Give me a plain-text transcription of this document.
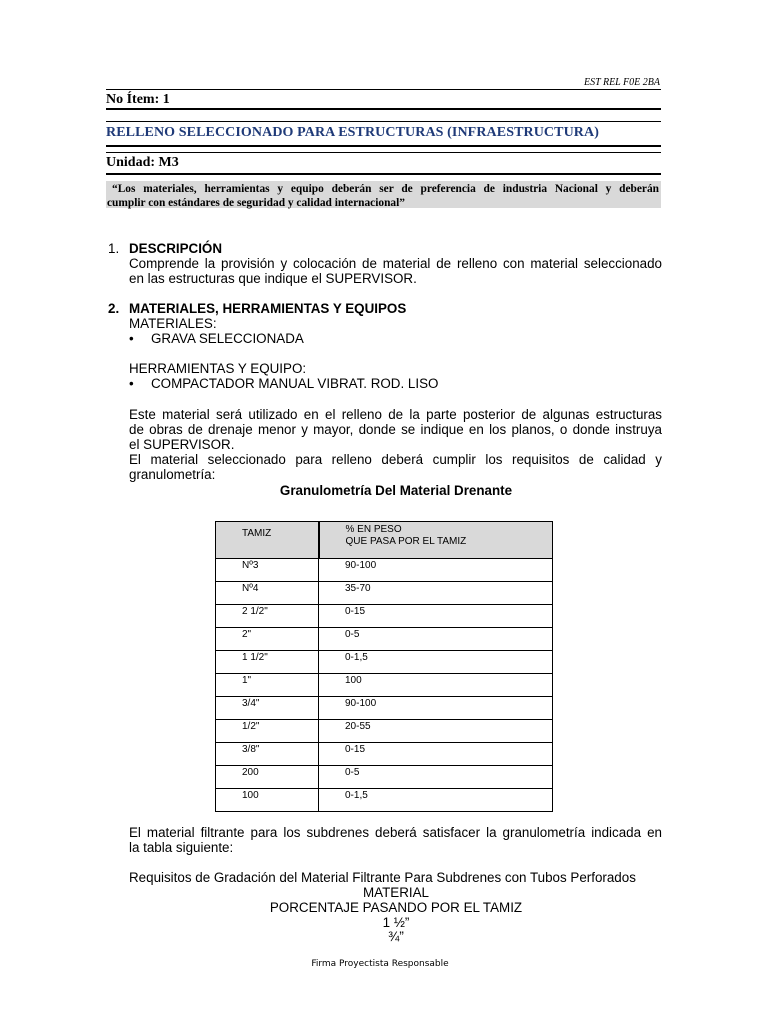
EST REL F0E 2BA
No Ítem: 1
RELLENO SELECCIONADO PARA ESTRUCTURAS (INFRAESTRUCTURA)
Unidad: M3
“Los materiales, herramientas y equipo deberán ser de preferencia de industria Nacional y deberán
cumplir con estándares de seguridad y calidad internacional”
1. DESCRIPCIÓN
Comprende la provisión y colocación de material de relleno con material seleccionado
en las estructuras que indique el SUPERVISOR.
2. MATERIALES, HERRAMIENTAS Y EQUIPOS
MATERIALES:
• GRAVA SELECCIONADA
HERRAMIENTAS Y EQUIPO:
• COMPACTADOR MANUAL VIBRAT. ROD. LISO
Este material será utilizado en el relleno de la parte posterior de algunas estructuras
de obras de drenaje menor y mayor, donde se indique en los planos, o donde instruya
el SUPERVISOR.
El material seleccionado para relleno deberá cumplir los requisitos de calidad y
granulometría:
Granulometría Del Material Drenante
TAMIZ	% EN PESO
QUE PASA POR EL TAMIZ

Nº3	90-100
Nº4	35-70
2 1/2"	0-15
2"	0-5
1 1/2"	0-1,5
1"	100
3/4"	90-100
1/2"	20-55
3/8"	0-15
200	0-5
100	0-1,5
El material filtrante para los subdrenes deberá satisfacer la granulometría indicada en
la tabla siguiente:
Requisitos de Gradación del Material Filtrante Para Subdrenes con Tubos Perforados
MATERIAL
PORCENTAJE PASANDO POR EL TAMIZ
1 ½”
¾”
Firma Proyectista Responsable
